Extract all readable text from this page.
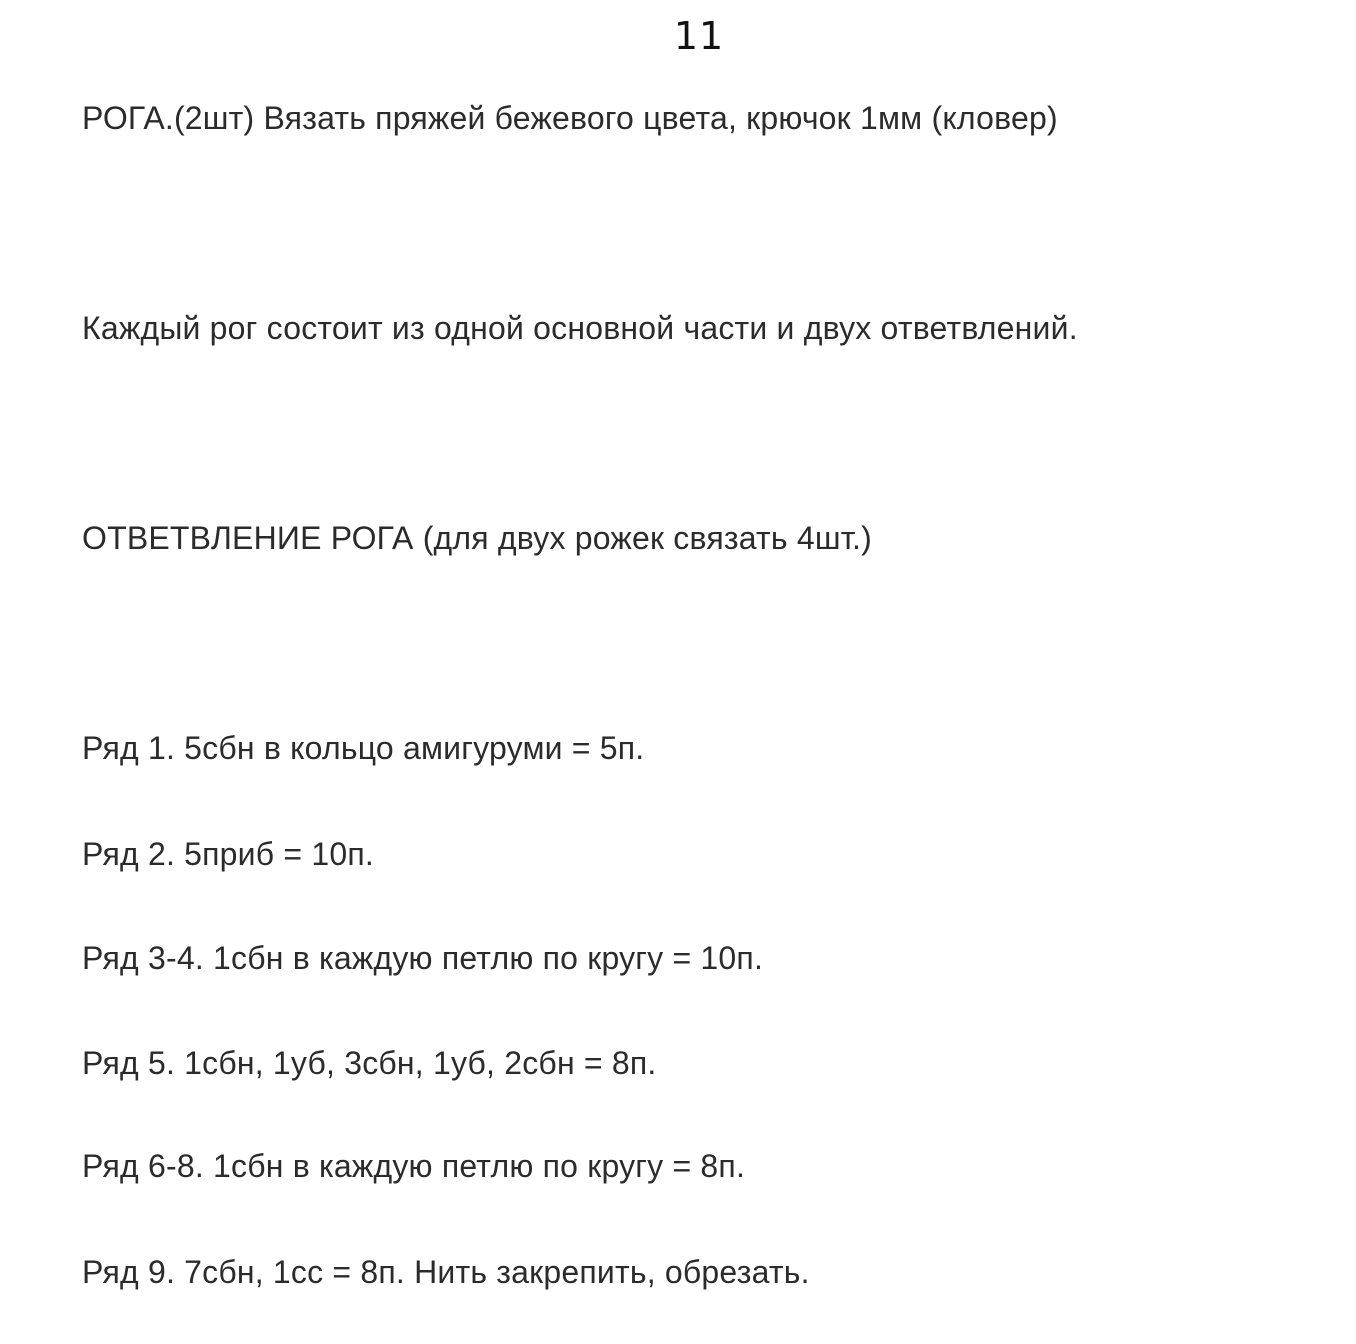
11
РОГА.(2шт) Вязать пряжей бежевого цвета, крючок 1мм (кловер)
Каждый рог состоит из одной основной части и двух ответвлений.
ОТВЕТВЛЕНИЕ РОГА (для двух рожек связать 4шт.)
Ряд 1. 5сбн в кольцо амигуруми = 5п.
Ряд 2. 5приб = 10п.
Ряд 3-4. 1сбн в каждую петлю по кругу = 10п.
Ряд 5. 1сбн, 1уб, 3сбн, 1уб, 2сбн = 8п.
Ряд 6-8. 1сбн в каждую петлю по кругу = 8п.
Ряд 9. 7сбн, 1сс = 8п. Нить закрепить, обрезать.
